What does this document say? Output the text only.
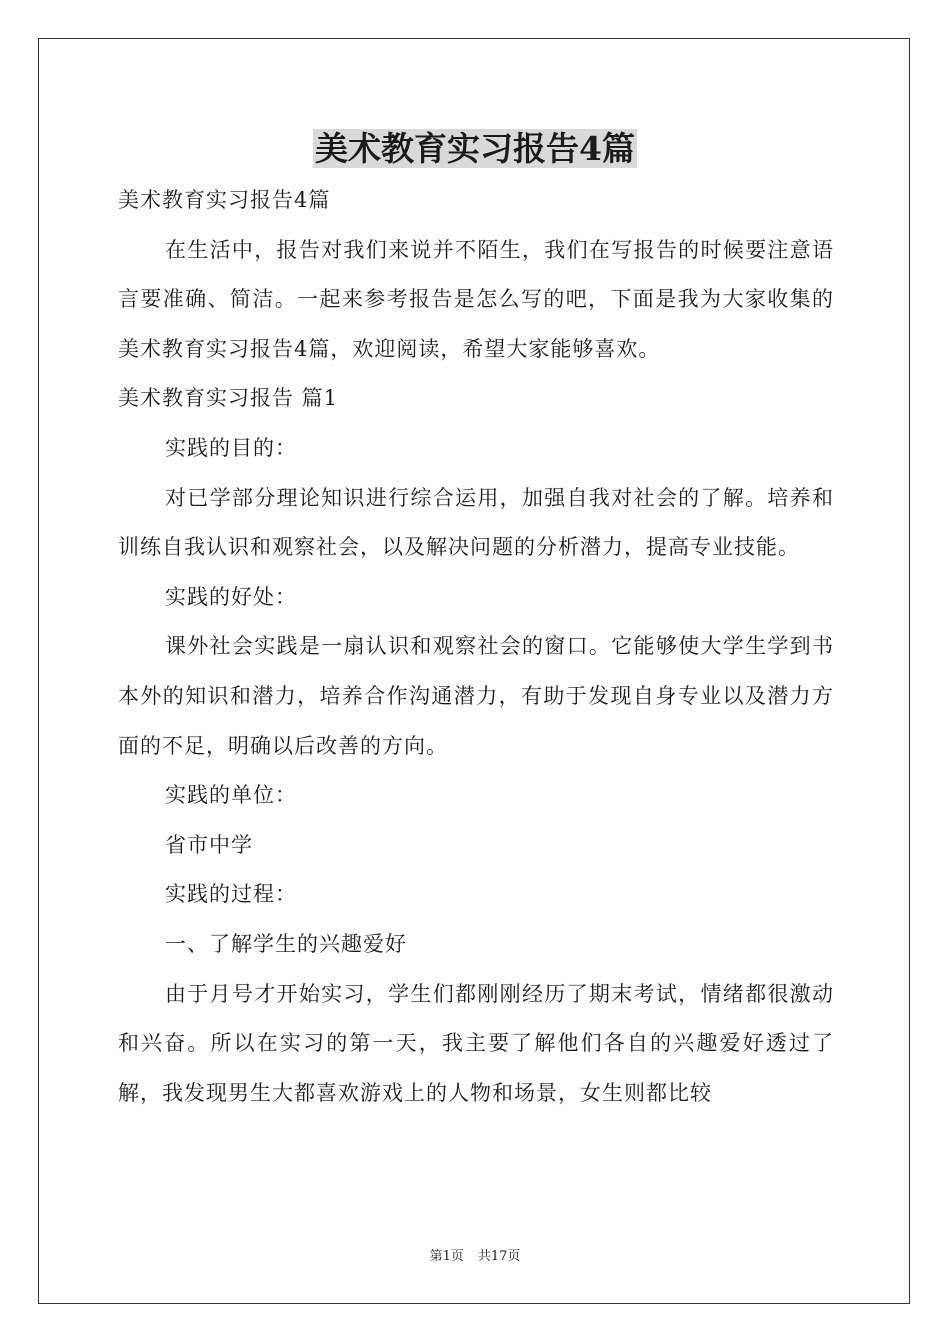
美术教育实习报告4篇

美术教育实习报告4篇

在生活中，报告对我们来说并不陌生，我们在写报告的时候要注意语言要准确、简洁。一起来参考报告是怎么写的吧，下面是我为大家收集的美术教育实习报告4篇，欢迎阅读，希望大家能够喜欢。

美术教育实习报告 篇1

实践的目的：

对已学部分理论知识进行综合运用，加强自我对社会的了解。培养和训练自我认识和观察社会，以及解决问题的分析潜力，提高专业技能。

实践的好处：

课外社会实践是一扇认识和观察社会的窗口。它能够使大学生学到书本外的知识和潜力，培养合作沟通潜力，有助于发现自身专业以及潜力方面的不足，明确以后改善的方向。

实践的单位：

省市中学

实践的过程：

一、了解学生的兴趣爱好

由于月号才开始实习，学生们都刚刚经历了期末考试，情绪都很激动和兴奋。所以在实习的第一天，我主要了解他们各自的兴趣爱好透过了解，我发现男生大都喜欢游戏上的人物和场景，女生则都比较

第1页 共17页
